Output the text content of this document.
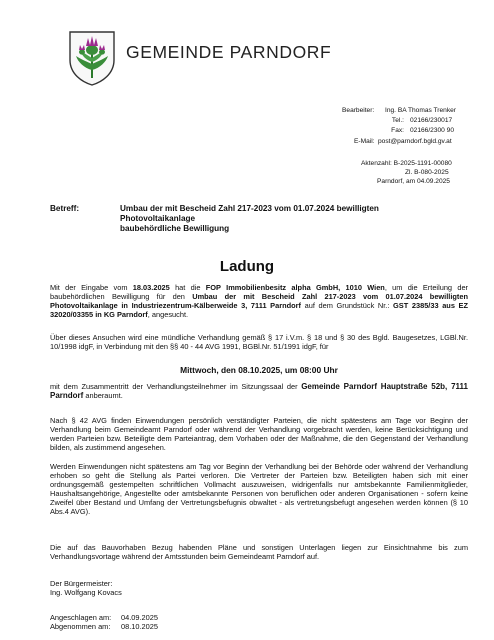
GEMEINDE PARNDORF
Bearbeiter: Ing. BA Thomas Trenker
Tel.: 02166/230017
Fax: 02166/2300 90
E-Mail: post@parndorf.bgld.gv.at
Aktenzahl: B-2025-1191-00080
Zl. B-080-2025
Parndorf, am 04.09.2025
Betreff:	Umbau der mit Bescheid Zahl 217-2023 vom 01.07.2024 bewilligten
Photovoltaikanlage
baubehördliche Bewilligung
Ladung
Mit der Eingabe vom 18.03.2025 hat die FOP Immobilienbesitz alpha GmbH, 1010 Wien, um die Erteilung der baubehördlichen Bewilligung für den Umbau der mit Bescheid Zahl 217-2023 vom 01.07.2024 bewilligten Photovoltaikanlage in Industriezentrum-Kälberweide 3, 7111 Parndorf auf dem Grundstück Nr.: GST 2385/33 aus EZ 32020/03355 in KG Parndorf, angesucht.
Über dieses Ansuchen wird eine mündliche Verhandlung gemäß § 17 i.V.m. § 18 und § 30 des Bgld. Baugesetzes, LGBl.Nr. 10/1998 idgF, in Verbindung mit den §§ 40 - 44 AVG 1991, BGBl.Nr. 51/1991 idgF, für
Mittwoch, den 08.10.2025, um 08:00 Uhr
mit dem Zusammentritt der Verhandlungsteilnehmer im Sitzungssaal der Gemeinde Parndorf Hauptstraße 52b, 7111 Parndorf anberaumt.
Nach § 42 AVG finden Einwendungen persönlich verständigter Parteien, die nicht spätestens am Tage vor Beginn der Verhandlung beim Gemeindeamt Parndorf oder während der Verhandlung vorgebracht werden, keine Berücksichtigung und werden Parteien bzw. Beteiligte dem Parteiantrag, dem Vorhaben oder der Maßnahme, die den Gegenstand der Verhandlung bilden, als zustimmend angesehen.
Werden Einwendungen nicht spätestens am Tag vor Beginn der Verhandlung bei der Behörde oder während der Verhandlung erhoben so geht die Stellung als Partei verloren. Die Vertreter der Parteien bzw. Beteiligten haben sich mit einer ordnungsgemäß gestempelten schriftlichen Vollmacht auszuweisen, widrigenfalls nur amtsbekannte Familienmitglieder, Haushaltsangehörige, Angestellte oder amtsbekannte Personen von beruflichen oder anderen Organisationen - sofern keine Zweifel über Bestand und Umfang der Vertretungsbefugnis obwaltet - als vertretungsbefugt angesehen werden können (§ 10 Abs.4 AVG).
Die auf das Bauvorhaben Bezug habenden Pläne und sonstigen Unterlagen liegen zur Einsichtnahme bis zum Verhandlungsvortage während der Amtsstunden beim Gemeindeamt Parndorf auf.
Der Bürgermeister:
Ing. Wolfgang Kovacs
Angeschlagen am: 04.09.2025
Abgenommen am: 08.10.2025
